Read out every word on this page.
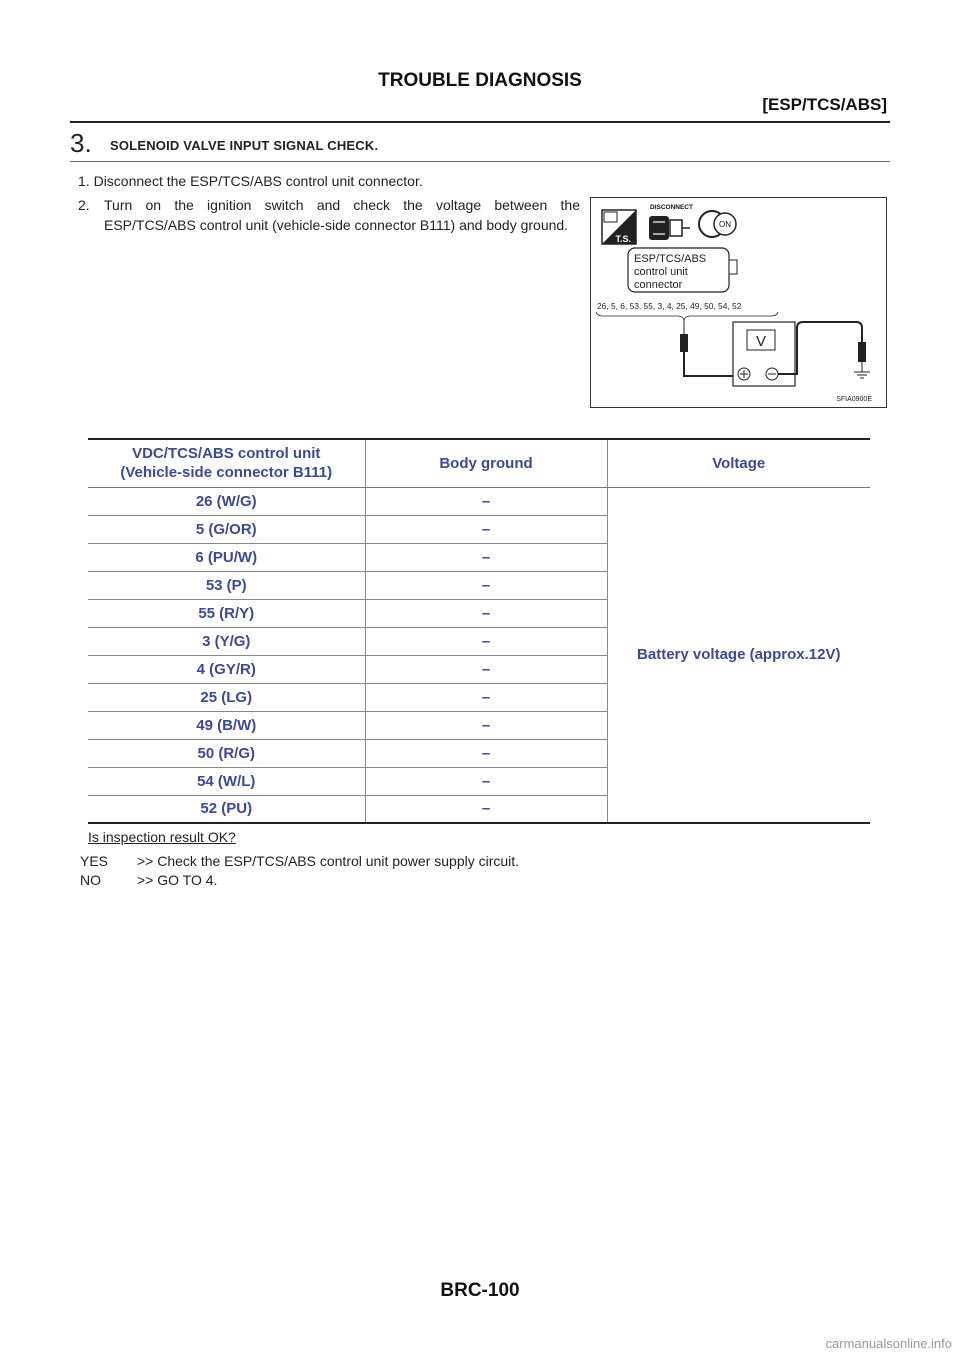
TROUBLE DIAGNOSIS
[ESP/TCS/ABS]
3. SOLENOID VALVE INPUT SIGNAL CHECK.
1. Disconnect the ESP/TCS/ABS control unit connector.
2. Turn on the ignition switch and check the voltage between the ESP/TCS/ABS control unit (vehicle-side connector B111) and body ground.
T.S.
DISCONNECT
ON
ESP/TCS/ABS
control unit
connector
26, 5, 6, 53, 55, 3, 4, 25, 49, 50, 54, 52
V
SFIA0900E
VDC/TCS/ABS control unit
(Vehicle-side connector B111)	Body ground	Voltage
26 (W/G)	–	Battery voltage (approx.12V)
5 (G/OR)	–	
6 (PU/W)	–	
53 (P)	–	
55 (R/Y)	–	
3 (Y/G)	–	
4 (GY/R)	–	
25 (LG)	–	
49 (B/W)	–	
50 (R/G)	–	
54 (W/L)	–	
52 (PU)	–	
Is inspection result OK?
YES >> Check the ESP/TCS/ABS control unit power supply circuit.
NO	>> GO TO 4.
BRC-100
carmanualsonline.info
